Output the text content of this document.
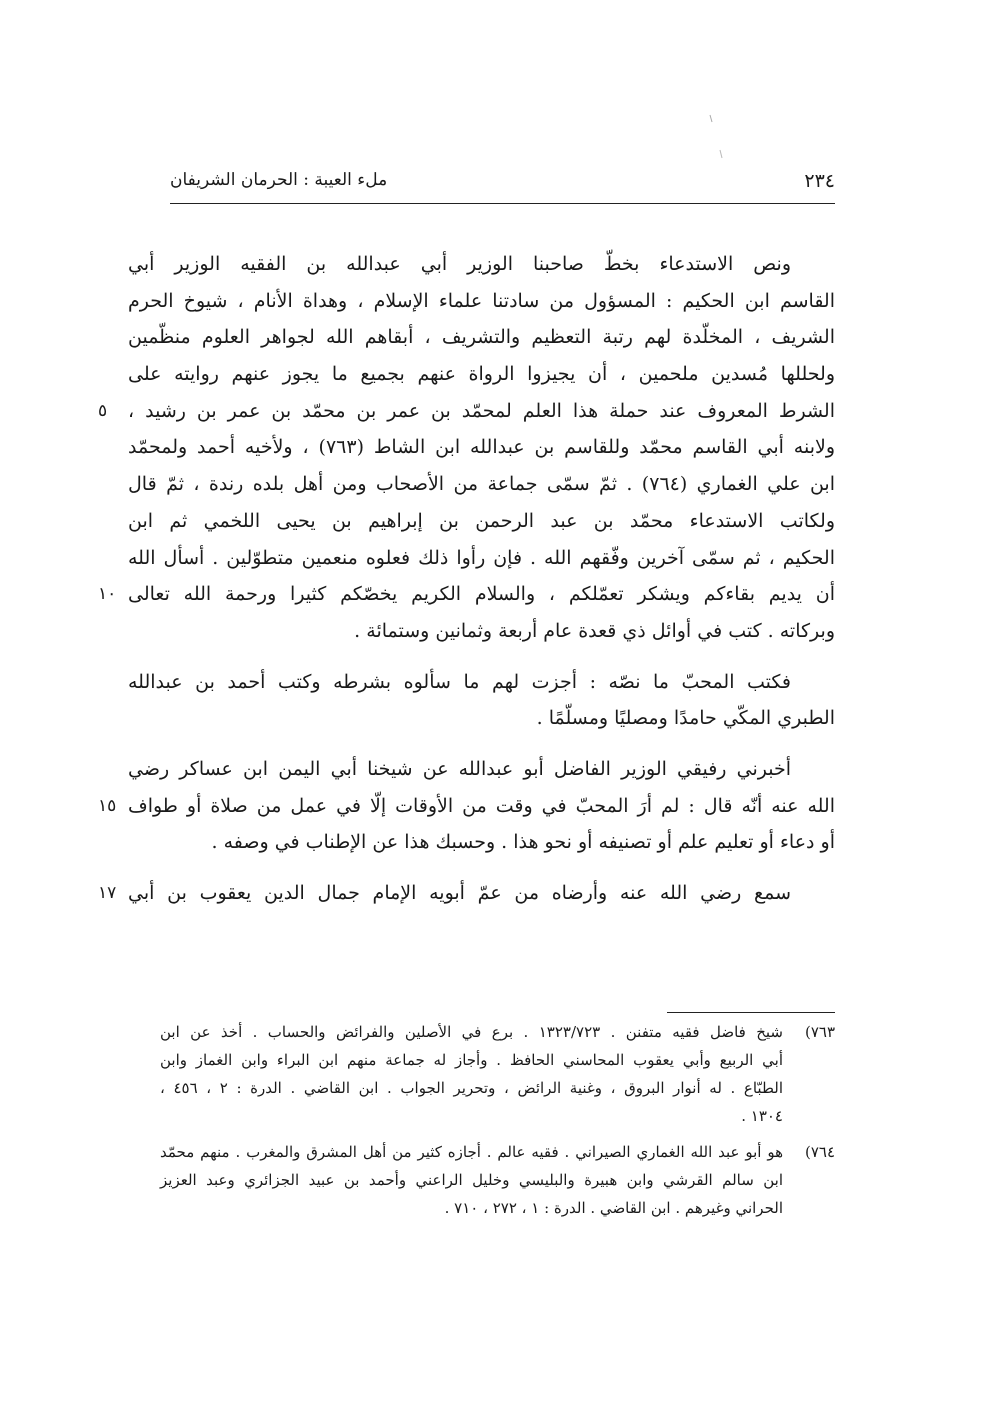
٢٣٤
ملء العيبة : الحرمان الشريفان
ونص الاستدعاء بخطّ صاحبنا الوزير أبي عبدالله بن الفقيه الوزير أبي
القاسم ابن الحكيم : المسؤول من سادتنا علماء الإسلام ، وهداة الأنام ، شيوخ الحرم
الشريف ، المخلّدة لهم رتبة التعظيم والتشريف ، أبقاهم الله لجواهر العلوم منظّمين
ولحللها مُسدين ملحمين ، أن يجيزوا الرواة عنهم بجميع ما يجوز عنهم روايته على
الشرط المعروف عند حملة هذا العلم لمحمّد بن عمر بن محمّد بن عمر بن رشيد ،
٥
ولابنه أبي القاسم محمّد وللقاسم بن عبدالله ابن الشاط (٧٦٣) ، ولأخيه أحمد ولمحمّد
ابن علي الغماري (٧٦٤) . ثمّ سمّى جماعة من الأصحاب ومن أهل بلده رندة ، ثمّ قال
ولكاتب الاستدعاء محمّد بن عبد الرحمن بن إبراهيم بن يحيى اللخمي ثم ابن
الحكيم ، ثم سمّى آخرين وفّقهم الله . فإن رأوا ذلك فعلوه منعمين متطوّلين . أسأل الله
أن يديم بقاءكم ويشكر تعمّلكم ، والسلام الكريم يخصّكم كثيرا ورحمة الله تعالى
١٠
وبركاته . كتب في أوائل ذي قعدة عام أربعة وثمانين وستمائة .
فكتب المحبّ ما نصّه : أجزت لهم ما سألوه بشرطه وكتب أحمد بن عبدالله
الطبري المكّي حامدًا ومصليًا ومسلّمًا .
أخبرني رفيقي الوزير الفاضل أبو عبدالله عن شيخنا أبي اليمن ابن عساكر رضي
الله عنه أنّه قال : لم أرَ المحبّ في وقت من الأوقات إلّا في عمل من صلاة أو طواف
١٥
أو دعاء أو تعليم علم أو تصنيفه أو نحو هذا . وحسبك هذا عن الإطناب في وصفه .
سمع رضي الله عنه وأرضاه من عمّ أبويه الإمام جمال الدين يعقوب بن أبي
١٧
٧٦٣)
شيخ فاضل فقيه متفنن . ١٣٢٣/٧٢٣ . برع في الأصلين والفرائض والحساب . أخذ عن ابن
أبي الربيع وأبي يعقوب المحاسني الحافظ . وأجاز له جماعة منهم ابن البراء وابن الغماز وابن
الطبّاع . له أنوار البروق ، وغنية الرائض ، وتحرير الجواب . ابن القاضي . الدرة : ٢ ، ٤٥٦ ،
١٣٠٤ .
٧٦٤)
هو أبو عبد الله الغماري الصيراني . فقيه عالم . أجازه كثير من أهل المشرق والمغرب . منهم محمّد
ابن سالم القرشي وابن هبيرة والبليسي وخليل الراعني وأحمد بن عبيد الجزائري وعبد العزيز
الحراني وغيرهم . ابن القاضي . الدرة : ١ ، ٢٧٢ ، ٧١٠ .
